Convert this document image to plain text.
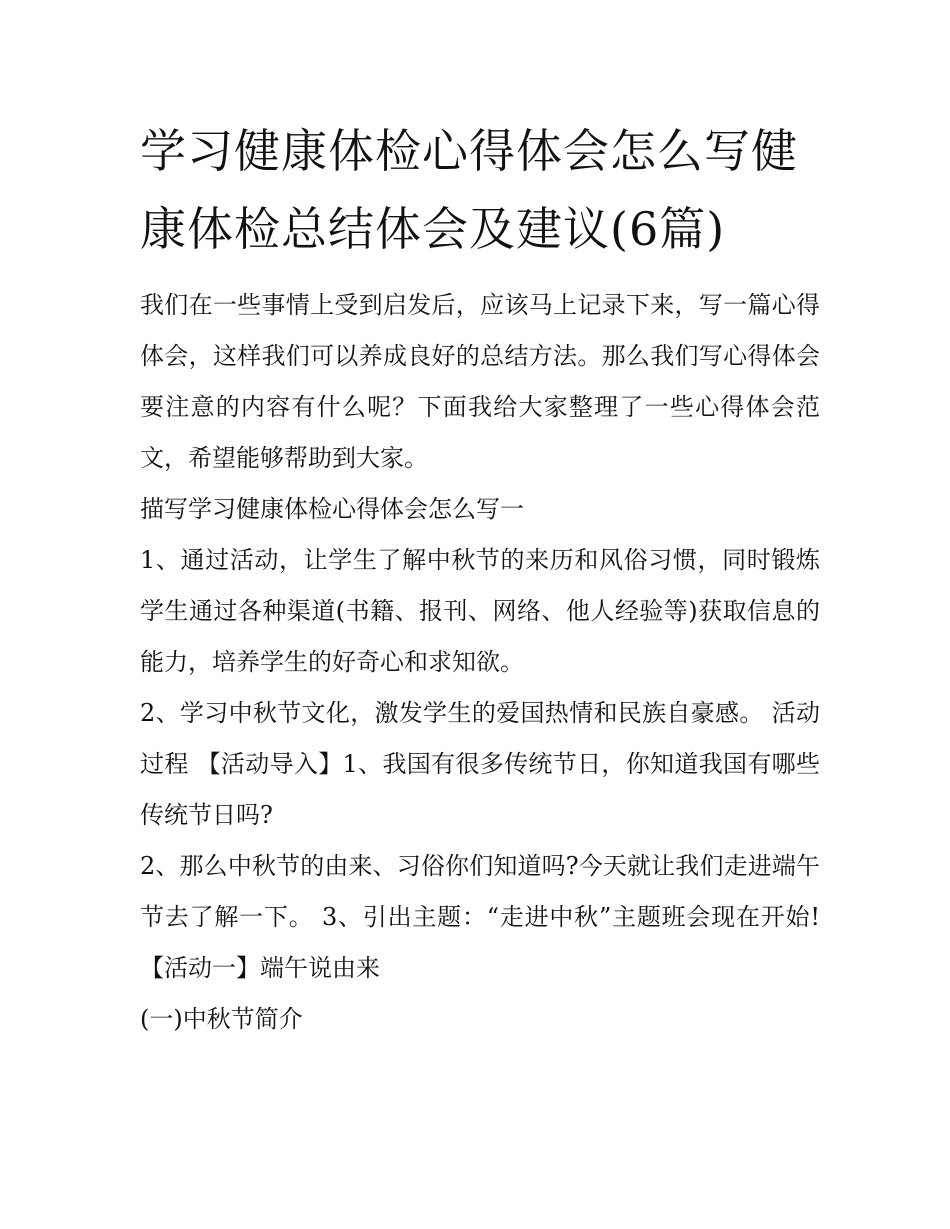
学习健康体检心得体会怎么写健康体检总结体会及建议(6篇)

我们在一些事情上受到启发后，应该马上记录下来，写一篇心得体会，这样我们可以养成良好的总结方法。那么我们写心得体会要注意的内容有什么呢？下面我给大家整理了一些心得体会范文，希望能够帮助到大家。

描写学习健康体检心得体会怎么写一

1、通过活动，让学生了解中秋节的来历和风俗习惯，同时锻炼学生通过各种渠道(书籍、报刊、网络、他人经验等)获取信息的能力，培养学生的好奇心和求知欲。

2、学习中秋节文化，激发学生的爱国热情和民族自豪感。 活动过程 【活动导入】1、我国有很多传统节日，你知道我国有哪些传统节日吗?

2、那么中秋节的由来、习俗你们知道吗?今天就让我们走进端午节去了解一下。 3、引出主题：“走进中秋”主题班会现在开始! 【活动一】端午说由来

(一)中秋节简介
